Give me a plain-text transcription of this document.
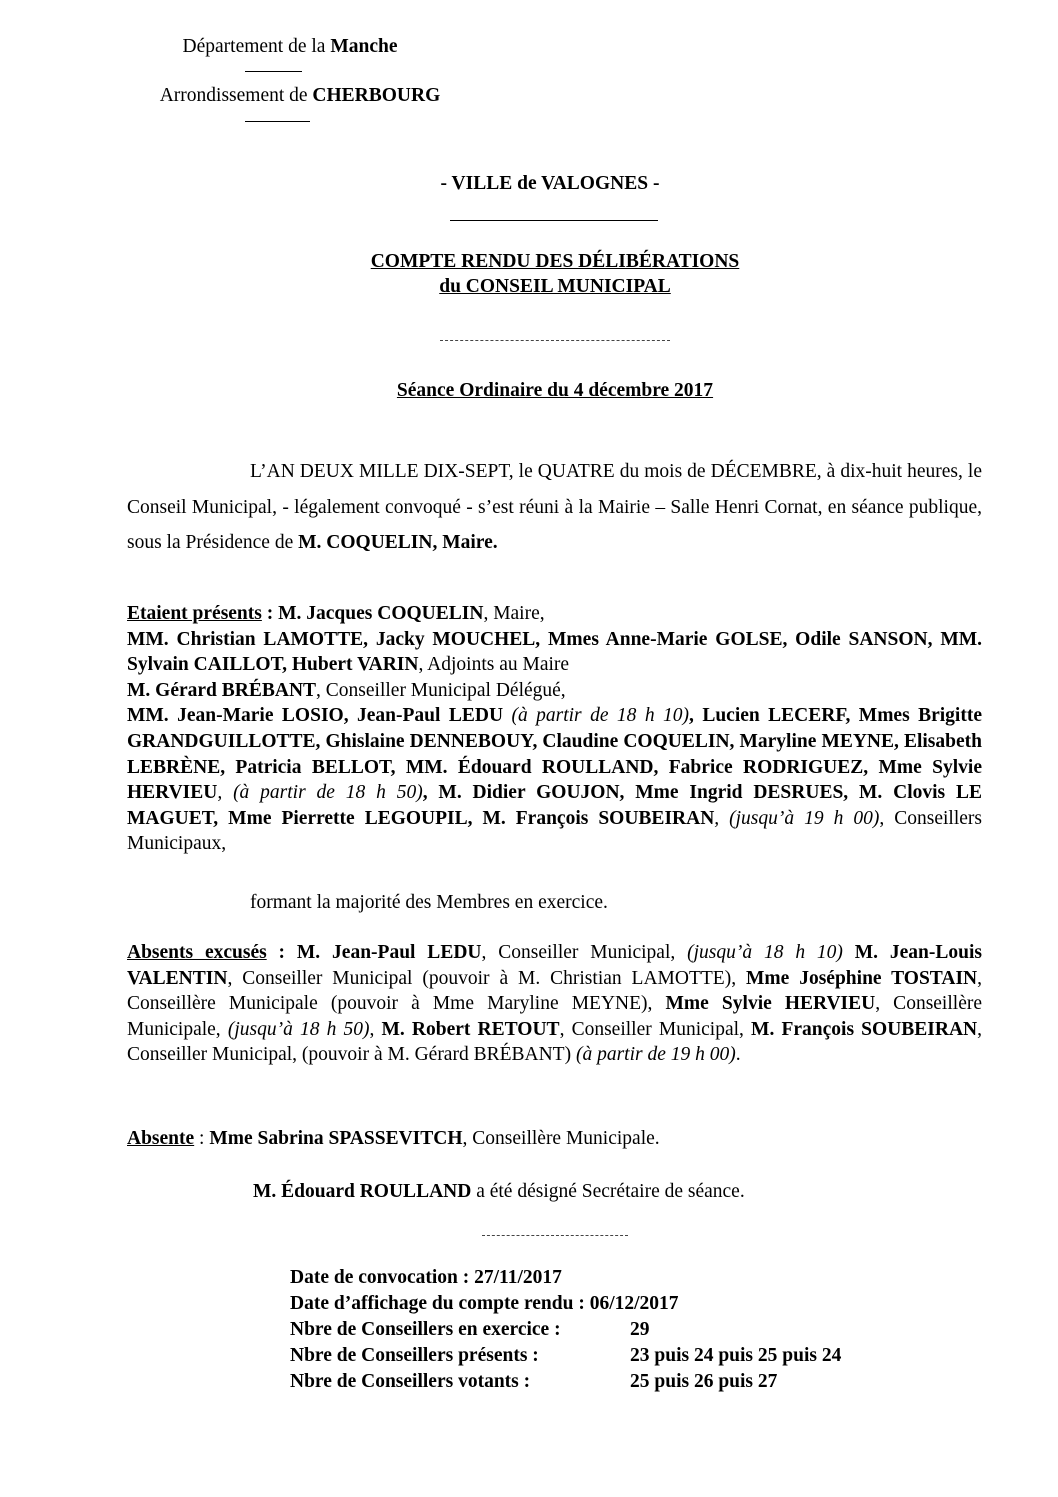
Département de la Manche
Arrondissement de CHERBOURG
- VILLE de VALOGNES -
COMPTE RENDU DES DÉLIBÉRATIONS
du CONSEIL MUNICIPAL
Séance Ordinaire du 4 décembre 2017
L’AN DEUX MILLE DIX-SEPT, le QUATRE du mois de DÉCEMBRE, à dix-huit heures, le Conseil Municipal, - légalement convoqué - s’est réuni à la Mairie – Salle Henri Cornat, en séance publique, sous la Présidence de M. COQUELIN, Maire.
Etaient présents : M. Jacques COQUELIN, Maire,
MM. Christian LAMOTTE, Jacky MOUCHEL, Mmes Anne-Marie GOLSE, Odile SANSON, MM. Sylvain CAILLOT, Hubert VARIN, Adjoints au Maire
M. Gérard BRÉBANT, Conseiller Municipal Délégué,
MM. Jean-Marie LOSIO, Jean-Paul LEDU (à partir de 18 h 10), Lucien LECERF, Mmes Brigitte GRANDGUILLOTTE, Ghislaine DENNEBOUY, Claudine COQUELIN, Maryline MEYNE, Elisabeth LEBRÈNE, Patricia BELLOT, MM. Édouard ROULLAND, Fabrice RODRIGUEZ, Mme Sylvie HERVIEU, (à partir de 18 h 50), M. Didier GOUJON, Mme Ingrid DESRUES, M. Clovis LE MAGUET, Mme Pierrette LEGOUPIL, M. François SOUBEIRAN, (jusqu’à 19 h 00), Conseillers Municipaux,
formant la majorité des Membres en exercice.
Absents excusés : M. Jean-Paul LEDU, Conseiller Municipal, (jusqu’à 18 h 10) M. Jean-Louis VALENTIN, Conseiller Municipal (pouvoir à M. Christian LAMOTTE), Mme Joséphine TOSTAIN, Conseillère Municipale (pouvoir à Mme Maryline MEYNE), Mme Sylvie HERVIEU, Conseillère Municipale, (jusqu’à 18 h 50), M. Robert RETOUT, Conseiller Municipal, M. François SOUBEIRAN, Conseiller Municipal, (pouvoir à M. Gérard BRÉBANT) (à partir de 19 h 00).
Absente : Mme Sabrina SPASSEVITCH, Conseillère Municipale.
M. Édouard ROULLAND a été désigné Secrétaire de séance.
Date de convocation : 27/11/2017
Date d’affichage du compte rendu : 06/12/2017
Nbre de Conseillers en exercice :	29
Nbre de Conseillers présents :	23 puis 24 puis 25 puis 24
Nbre de Conseillers votants :	25 puis 26 puis 27
